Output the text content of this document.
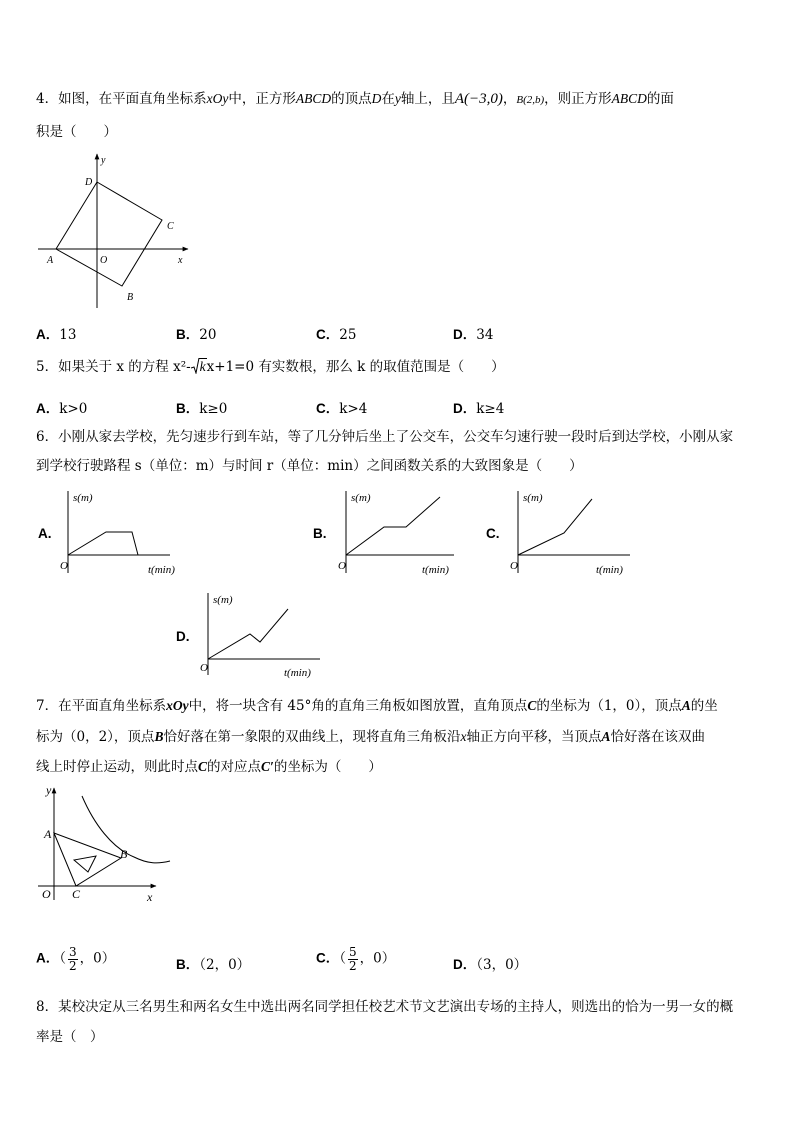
4．如图，在平面直角坐标系xOy中，正方形ABCD的顶点D在y轴上，且A(−3,0)，B(2,b)，则正方形ABCD的面
积是（　　）
y
x
D
C
A	O
B
A．13	B．20	C．25	D．34
5．如果关于 x 的方程 x²- kx+1=0 有实数根，那么 k 的取值范围是（　　）
A．k>0	B．k≥0	C．k>4	D．k≥4
6．小刚从家去学校，先匀速步行到车站，等了几分钟后坐上了公交车，公交车匀速行驶一段时后到达学校，小刚从家
到学校行驶路程 s（单位：m）与时间 r（单位：min）之间函数关系的大致图象是（　　）
A.
s(m)
t(min)
O
B.
s(m)
t(min)
O
C.
s(m)
t(min)
O
D.
s(m)
t(min)
O
7．在平面直角坐标系xOy中，将一块含有 45°角的直角三角板如图放置，直角顶点C的坐标为（1，0），顶点A的坐
标为（0，2），顶点B恰好落在第一象限的双曲线上，现将直角三角板沿x轴正方向平移，当顶点A恰好落在该双曲
线上时停止运动，则此时点C的对应点C′的坐标为（　　）
y
x
A
B
O C
A．（ $\frac{3}{2}$ ，0）	B．（2，0）	C．（ $\frac{5}{2}$ ，0）	D．（3，0）
8．某校决定从三名男生和两名女生中选出两名同学担任校艺术节文艺演出专场的主持人，则选出的恰为一男一女的概
率是（　）
